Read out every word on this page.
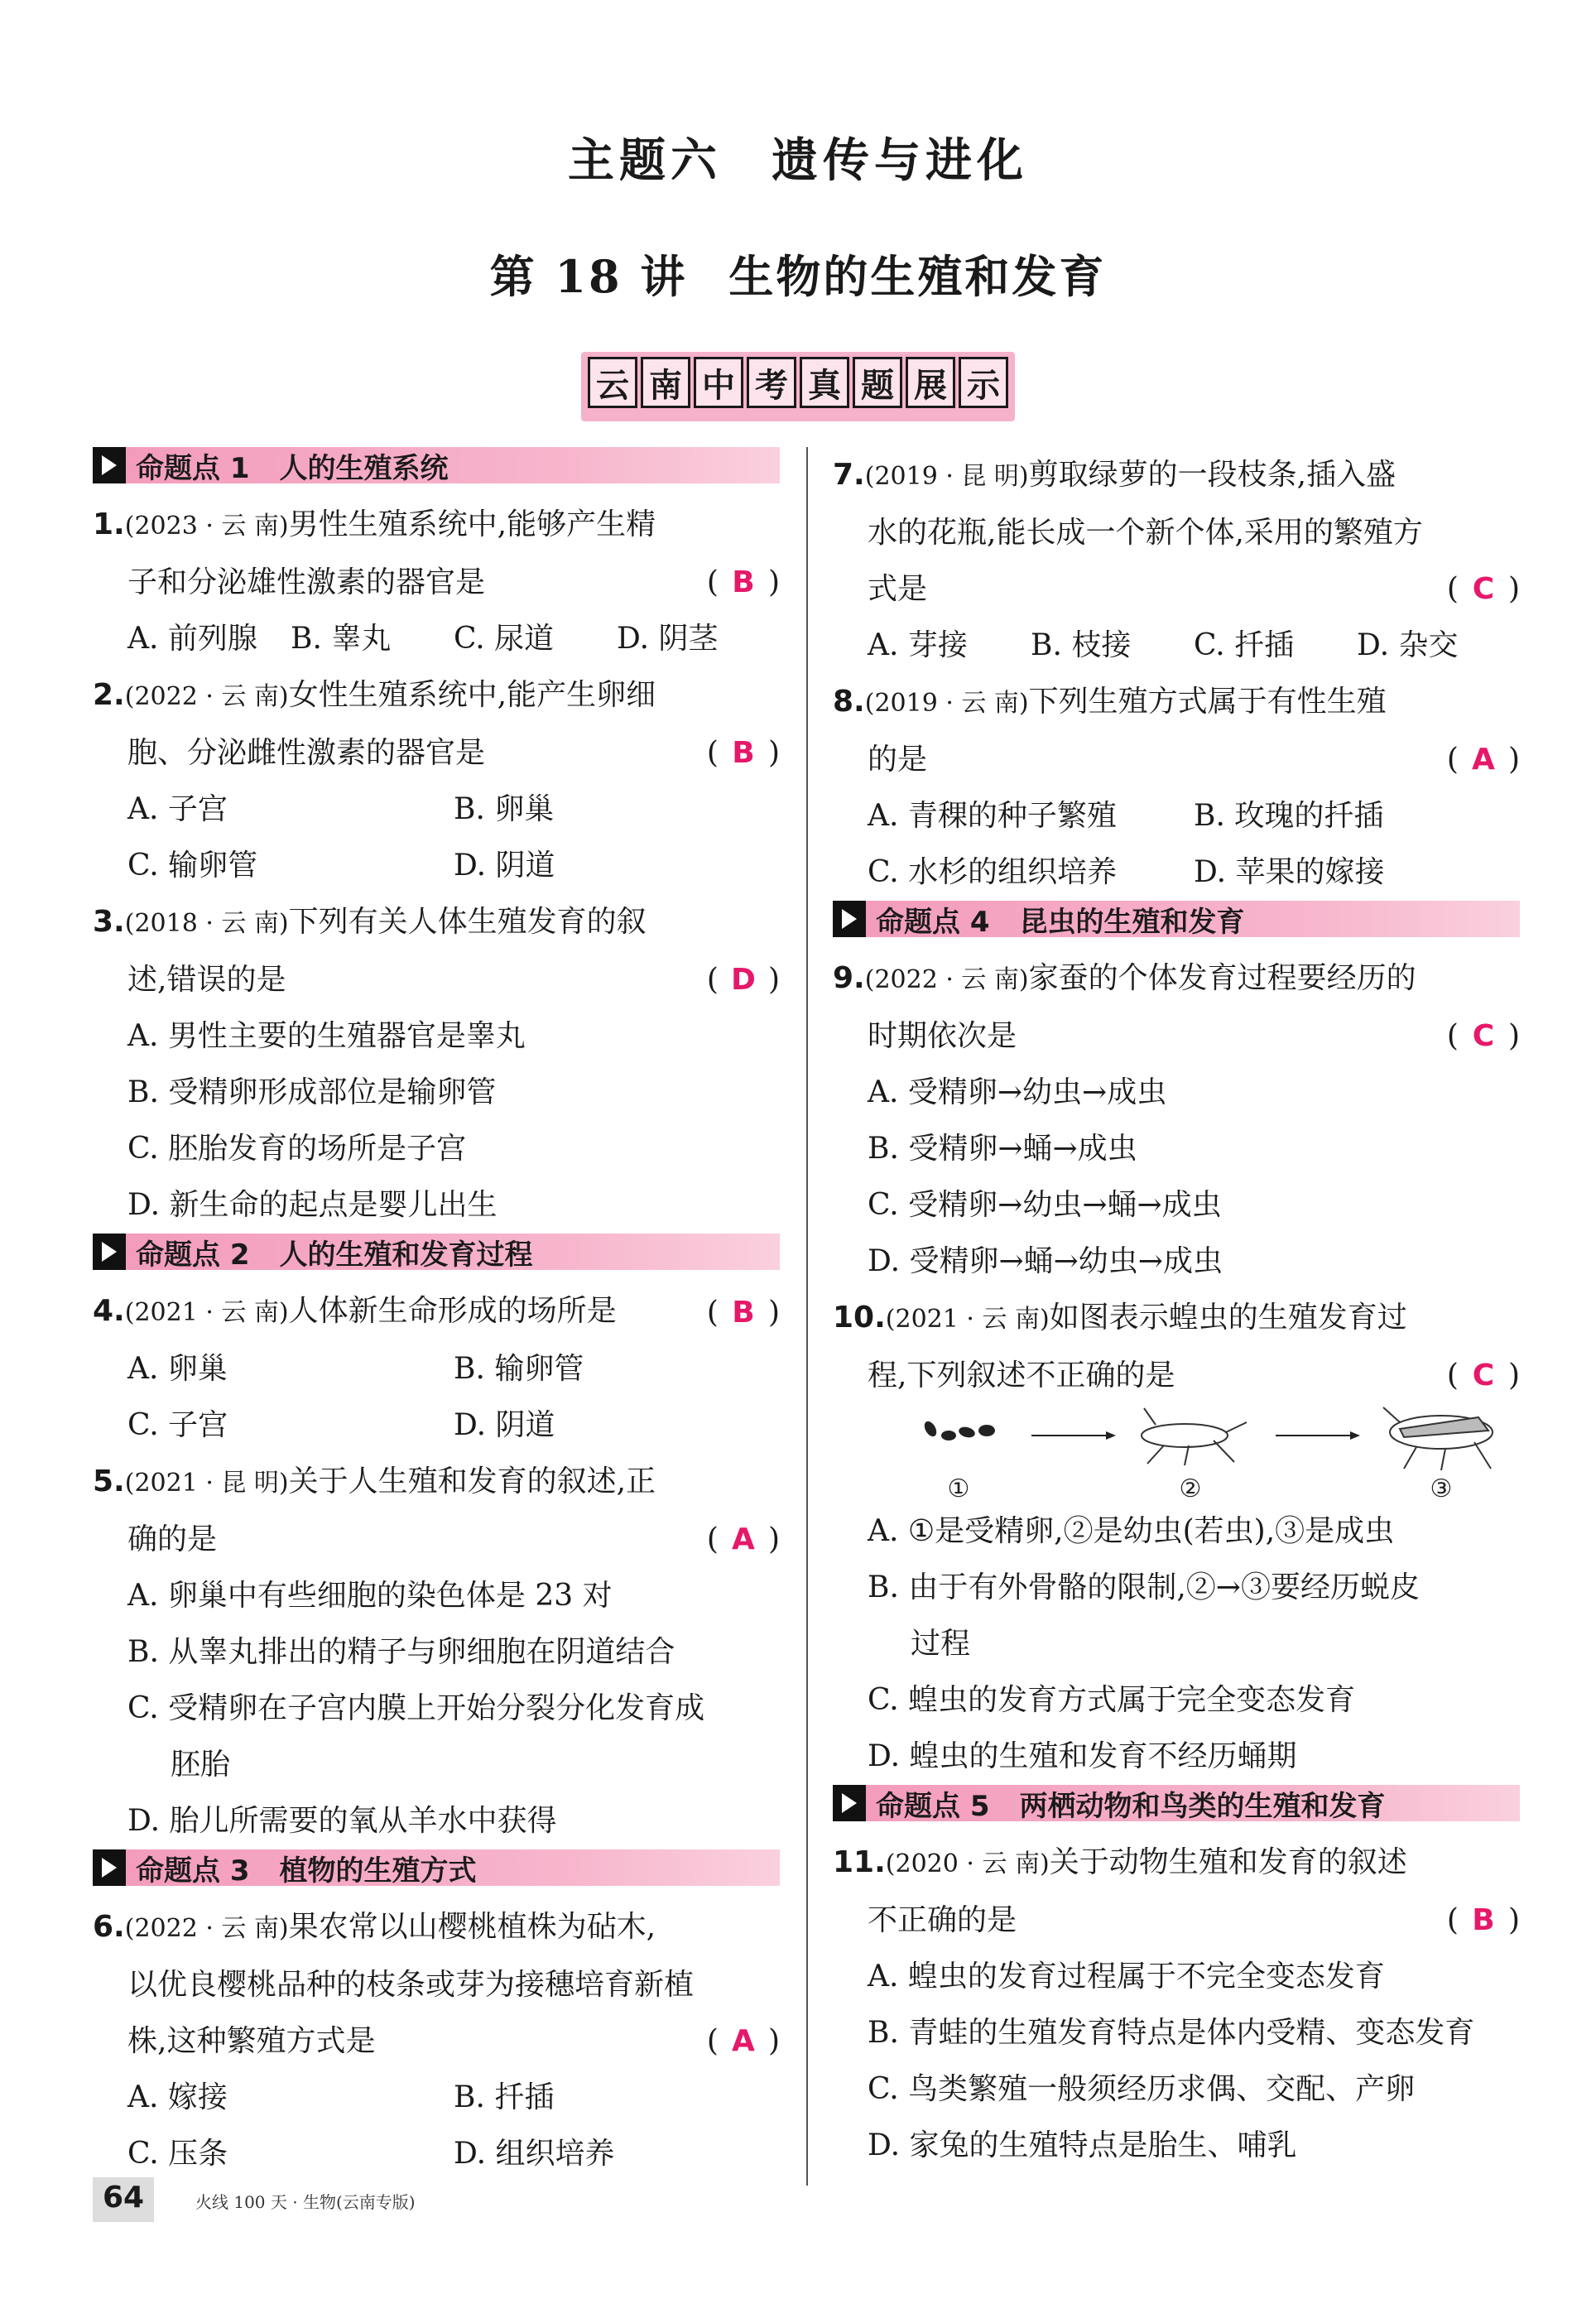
主题六 遗传与进化
第 18 讲 生物的生殖和发育
云 南 中 考 真 题 展 示
命题点 1 人的生殖系统
1.(2023 · 云 南)男性生殖系统中,能够产生精
子和分泌雄性激素的器官是	( B )
A. 前列腺	B. 睾丸	C. 尿道	D. 阴茎
2.(2022 · 云 南)女性生殖系统中,能产生卵细
胞、分泌雌性激素的器官是	( B )
A. 子宫	B. 卵巢
C. 输卵管	D. 阴道
3.(2018 · 云 南)下列有关人体生殖发育的叙
述,错误的是	( D )
A. 男性主要的生殖器官是睾丸
B. 受精卵形成部位是输卵管
C. 胚胎发育的场所是子宫
D. 新生命的起点是婴儿出生
命题点 2 人的生殖和发育过程
4.(2021 · 云 南)人体新生命形成的场所是	( B )
A. 卵巢	B. 输卵管
C. 子宫	D. 阴道
5.(2021 · 昆 明)关于人生殖和发育的叙述,正
确的是	( A )
A. 卵巢中有些细胞的染色体是 23 对
B. 从睾丸排出的精子与卵细胞在阴道结合
C. 受精卵在子宫内膜上开始分裂分化发育成
胚胎
D. 胎儿所需要的氧从羊水中获得
命题点 3 植物的生殖方式
6.(2022 · 云 南)果农常以山樱桃植株为砧木,
以优良樱桃品种的枝条或芽为接穗培育新植
株,这种繁殖方式是	( A )
A. 嫁接	B. 扦插
C. 压条	D. 组织培养
7.(2019 · 昆 明)剪取绿萝的一段枝条,插入盛
水的花瓶,能长成一个新个体,采用的繁殖方
式是	( C )
A. 芽接	B. 枝接	C. 扦插	D. 杂交
8.(2019 · 云 南)下列生殖方式属于有性生殖
的是	( A )
A. 青稞的种子繁殖	B. 玫瑰的扦插
C. 水杉的组织培养	D. 苹果的嫁接
命题点 4 昆虫的生殖和发育
9.(2022 · 云 南)家蚕的个体发育过程要经历的
时期依次是	( C )
A. 受精卵→幼虫→成虫
B. 受精卵→蛹→成虫
C. 受精卵→幼虫→蛹→成虫
D. 受精卵→蛹→幼虫→成虫
10.(2021 · 云 南)如图表示蝗虫的生殖发育过
程,下列叙述不正确的是	( C )
①	②	③
A. ①是受精卵,②是幼虫(若虫),③是成虫
B. 由于有外骨骼的限制,②→③要经历蜕皮
过程
C. 蝗虫的发育方式属于完全变态发育
D. 蝗虫的生殖和发育不经历蛹期
命题点 5 两栖动物和鸟类的生殖和发育
11.(2020 · 云 南)关于动物生殖和发育的叙述
不正确的是	( B )
A. 蝗虫的发育过程属于不完全变态发育
B. 青蛙的生殖发育特点是体内受精、变态发育
C. 鸟类繁殖一般须经历求偶、交配、产卵
D. 家兔的生殖特点是胎生、哺乳
64	火线 100 天 · 生物(云南专版)
